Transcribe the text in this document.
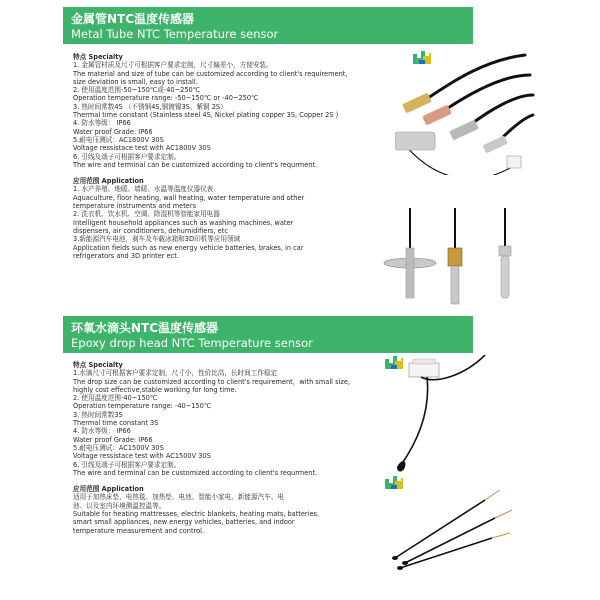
金属管NTC温度传感器
Metal Tube NTC Temperature sensor

特点 Specialty

1. 金属管材质及尺寸可根据客户要求定制，尺寸偏差小，方便安装。

The material and size of tube can be customized according to client's requirement,

size deviation is small, easy to install.

2. 使用温度范围-50~150℃或-40~250℃

Operation temperature range: -50~150℃ or -40~250℃

3. 热时间常数4S （不锈钢4S,铜镀镍3S、紫铜 2S）

Thermal time constant (Stainless steel 4S, Nickel plating copper 3S, Copper 2S )

4. 防水等级： IP66

Water proof Grade: IP66

5.耐电压测试：AC1800V 30S

Voltage ressistace test with AC1800V 30S

6. 引线及端子可根据客户要求定制。

The wire and terminal can be customized according to client's requrment.

应用范围 Application

1. 水产养殖、地暖、墙暖、水温等温度仪器仪表

Aquaculture, floor heating, wall heating, water temperature and other

temperature instruments and meters

2. 洗衣机、饮水机、空调、除湿机等智能家用电器

Intelligent household appliances such as washing machines, water

dispensers, air conditioners, dehumidifiers, etc

3.新能源汽车电池，刹车及车载冰箱和3D印机等应用领域

Application fields such as new energy vehicle batteries, brakes, in car

refrigerators and 3D printer ect.

环氧水滴头NTC温度传感器
Epoxy drop head NTC Temperature sensor

特点 Specialty

1.水滴尺寸可根据客户要求定制，尺寸小，性价比高，长时间工作稳定

The drop size can be customized according to client's requirement，with small size,

highly cost effective,stable working for long time.

2. 使用温度范围-40~150℃

Operation temperature range: -40~150℃

3. 热时间常数3S

Thermal time constant 3S

4. 防水等级： IP66

Water proof Grade: IP66

5.耐电压测试：AC1500V 30S

Voltage ressistace test with AC1500V 30S

6. 引线及端子可根据客户要求定制。

The wire and terminal can be customized according to client's requrment.

应用范围 Application

适用于加热床垫、电热毯、加热垫、电池、智能小家电、新能源汽车、电

池、以及室内环境测温控温等。

Suitable for heating mattresses, electric blankets, heating mats, batteries,

smart small appliances, new energy vehicles, batteries, and indoor

temperature measurement and control.
